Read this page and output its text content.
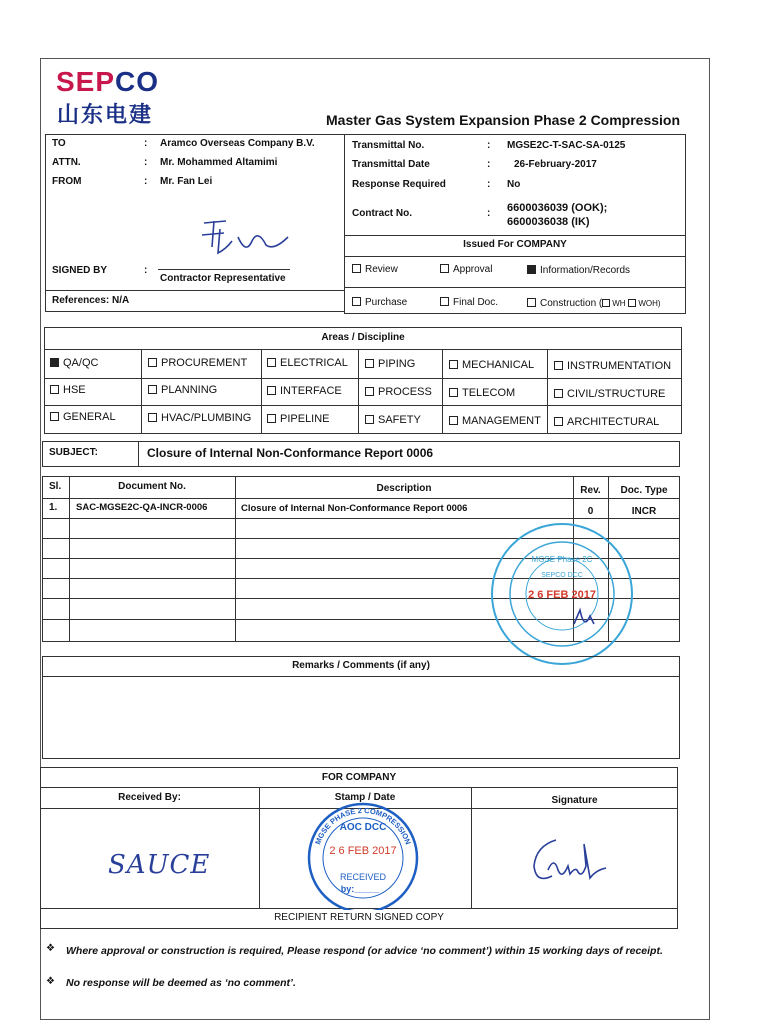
SEPCO
山东电建	Master Gas System Expansion Phase 2 Compression
TO	: Aramco Overseas Company B.V.
ATTN.	: Mr. Mohammed Altamimi
FROM	: Mr. Fan Lei
SIGNED BY	:
Contractor Representative
References: N/A
Transmittal No.	: MGSE2C-T-SAC-SA-0125
Transmittal Date	: 26-February-2017
Response Required	: No
Contract No.	: 6600036039 (OOK);
6600036038 (IK)
Issued For COMPANY
Review	Approval	Information/Records
Purchase	Final Doc.	Construction ( WH WOH)
Areas / Discipline
QA/QC	PROCUREMENT	ELECTRICAL	PIPING	MECHANICAL	INSTRUMENTATION
HSE	PLANNING	INTERFACE	PROCESS	TELECOM	CIVIL/STRUCTURE
GENERAL	HVAC/PLUMBING	PIPELINE	SAFETY	MANAGEMENT	ARCHITECTURAL
SUBJECT:	Closure of Internal Non-Conformance Report 0006
Sl.	Document No.	Description	Rev.	Doc. Type
1. SAC-MGSE2C-QA-INCR-0006	Closure of Internal Non-Conformance Report 0006	0	INCR
MGSE Phase 2C
SEPCO DCC
2 6 FEB 2017
Remarks / Comments (if any)
FOR COMPANY
Received By:	Stamp / Date	Signature
SAUCE
MGSE PHASE 2 COMPRESSION
AOC DCC
2 6 FEB 2017
RECEIVED
by:_____
RECIPIENT RETURN SIGNED COPY
❖ Where approval or construction is required, Please respond (or advice ‘no comment’) within 15 working days of receipt.
❖ No response will be deemed as ‘no comment’.
